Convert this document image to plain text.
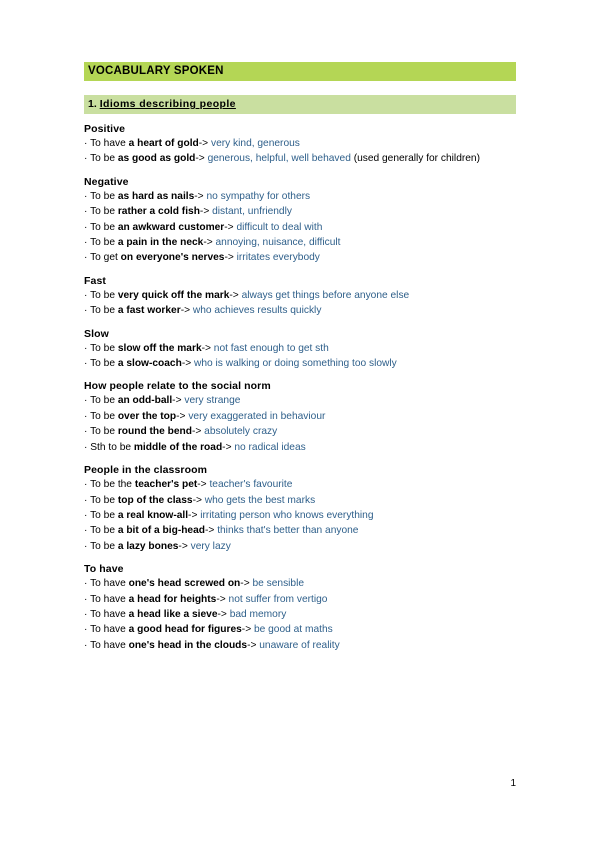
VOCABULARY SPOKEN
1. Idioms describing people
Positive
· To have a heart of gold-> very kind, generous
· To be as good as gold-> generous, helpful, well behaved (used generally for children)
Negative
· To be as hard as nails-> no sympathy for others
· To be rather a cold fish-> distant, unfriendly
· To be an awkward customer-> difficult to deal with
· To be a pain in the neck-> annoying, nuisance, difficult
· To get on everyone's nerves-> irritates everybody
Fast
· To be very quick off the mark-> always get things before anyone else
· To be a fast worker-> who achieves results quickly
Slow
· To be slow off the mark-> not fast enough to get sth
· To be a slow-coach-> who is walking or doing something too slowly
How people relate to the social norm
· To be an odd-ball-> very strange
· To be over the top-> very exaggerated in behaviour
· To be round the bend-> absolutely crazy
· Sth to be middle of the road-> no radical ideas
People in the classroom
· To be the teacher's pet-> teacher's favourite
· To be top of the class-> who gets the best marks
· To be a real know-all-> irritating person who knows everything
· To be a bit of a big-head-> thinks that's better than anyone
· To be a lazy bones-> very lazy
To have
· To have one's head screwed on-> be sensible
· To have a head for heights-> not suffer from vertigo
· To have a head like a sieve-> bad memory
· To have a good head for figures-> be good at maths
· To have one's head in the clouds-> unaware of reality
1
